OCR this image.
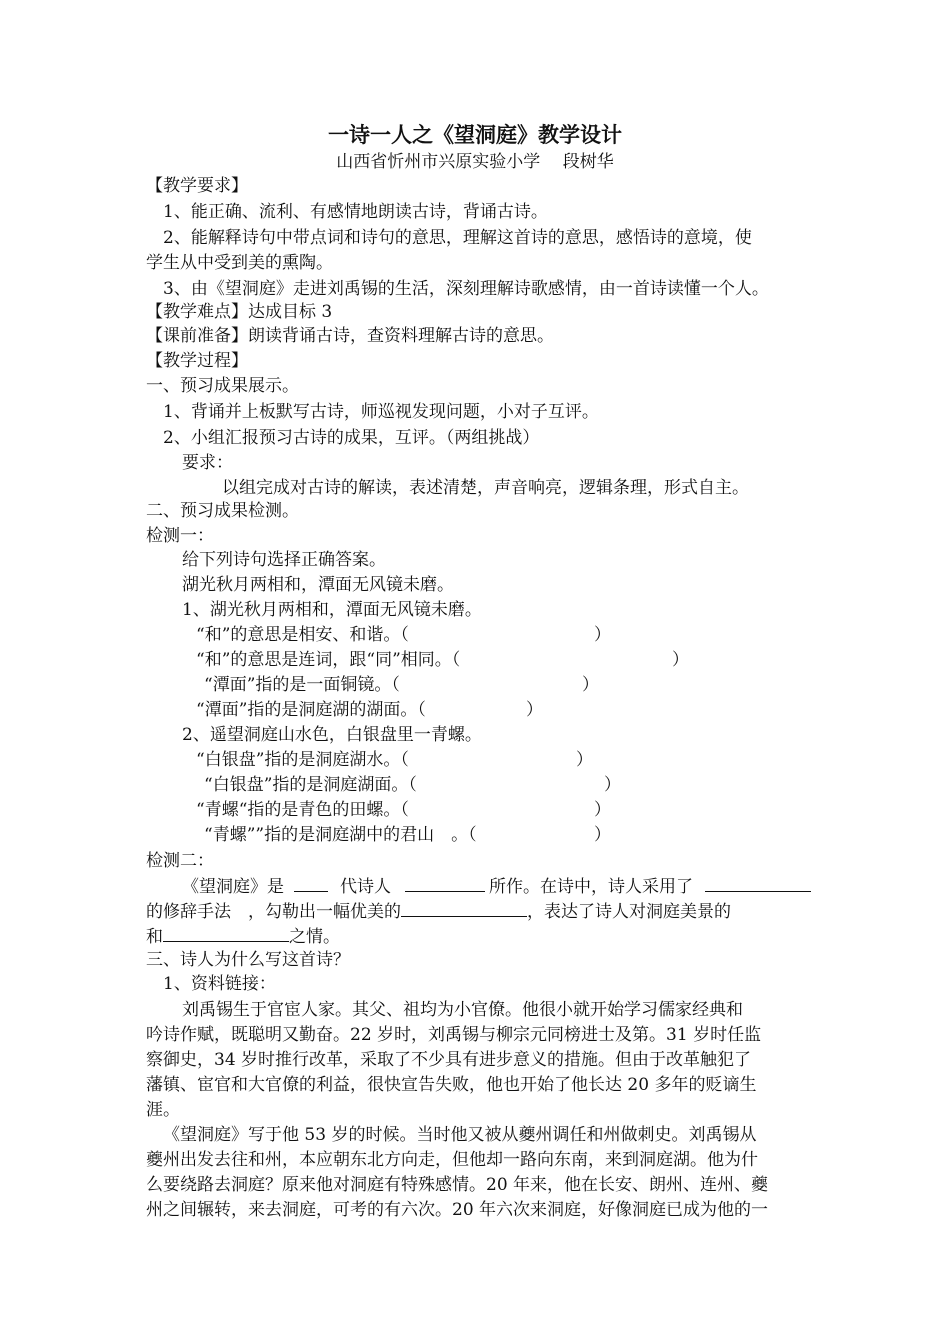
一诗一人之《望洞庭》教学设计
山西省忻州市兴原实验小学　 段树华
【教学要求】
1、能正确、流利、有感情地朗读古诗，背诵古诗。
2、能解释诗句中带点词和诗句的意思，理解这首诗的意思，感悟诗的意境，使
学生从中受到美的熏陶。
3、由《望洞庭》走进刘禹锡的生活，深刻理解诗歌感情，由一首诗读懂一个人。
【教学难点】达成目标 3
【课前准备】朗读背诵古诗，查资料理解古诗的意思。
【教学过程】
一、预习成果展示。
1、背诵并上板默写古诗，师巡视发现问题，小对子互评。
2、小组汇报预习古诗的成果，互评。（两组挑战）
要求：
以组完成对古诗的解读，表述清楚，声音响亮，逻辑条理，形式自主。
二、预习成果检测。
检测一：
给下列诗句选择正确答案。
湖光秋月两相和，潭面无风镜未磨。
1、湖光秋月两相和，潭面无风镜未磨。
“和”的意思是相安、和谐。（	）
“和”的意思是连词，跟“同”相同。（	）
“潭面”指的是一面铜镜。（	）
“潭面”指的是洞庭湖的湖面。（	）
2、遥望洞庭山水色，白银盘里一青螺。
“白银盘”指的是洞庭湖水。（	）
“白银盘”指的是洞庭湖面。（	）
“青螺“指的是青色的田螺。（	）
“青螺””指的是洞庭湖中的君山　。（	）
检测二：
《望洞庭》是	代诗人	所作。在诗中，诗人采用了
的修辞手法　，勾勒出一幅优美的	，表达了诗人对洞庭美景的
和	之情。
三、诗人为什么写这首诗？
1、资料链接：
刘禹锡生于官宦人家。其父、祖均为小官僚。他很小就开始学习儒家经典和
吟诗作赋，既聪明又勤奋。22 岁时，刘禹锡与柳宗元同榜进士及第。31 岁时任监
察御史，34 岁时推行改革，采取了不少具有进步意义的措施。但由于改革触犯了
藩镇、宦官和大官僚的利益，很快宣告失败，他也开始了他长达 20 多年的贬谪生
涯。
《望洞庭》写于他 53 岁的时候。当时他又被从夔州调任和州做刺史。刘禹锡从
夔州出发去往和州，本应朝东北方向走，但他却一路向东南，来到洞庭湖。他为什
么要绕路去洞庭？原来他对洞庭有特殊感情。20 年来，他在长安、朗州、连州、夔
州之间辗转，来去洞庭，可考的有六次。20 年六次来洞庭，好像洞庭已成为他的一
